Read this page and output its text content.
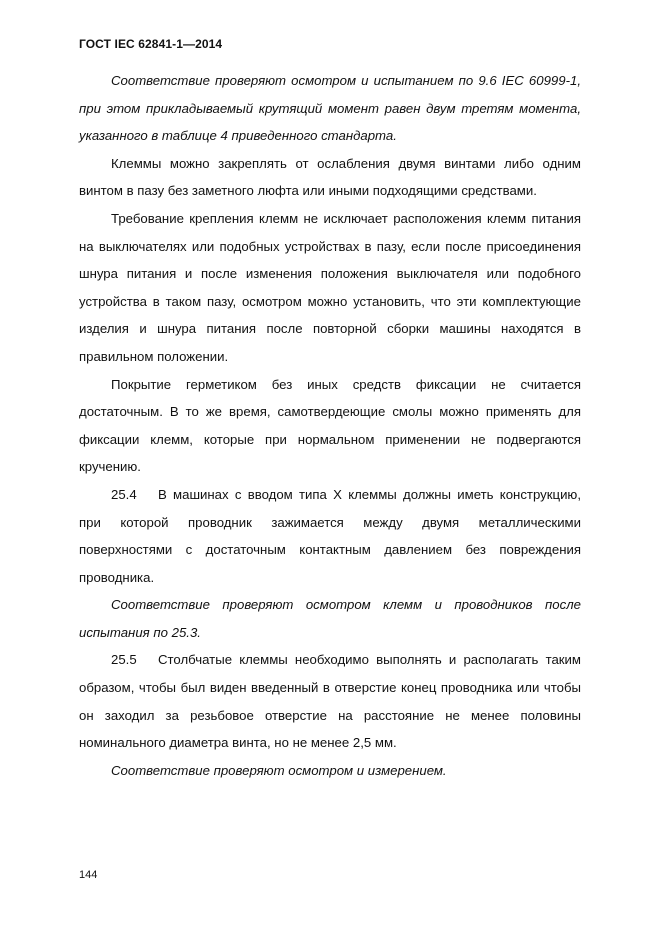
ГОСТ IEC 62841-1—2014

Соответствие проверяют осмотром и испытанием по 9.6 IEC 60999-1, при этом прикладываемый крутящий момент равен двум третям момента, указанного в таблице 4 приведенного стандарта.

Клеммы можно закреплять от ослабления двумя винтами либо одним винтом в пазу без заметного люфта или иными подходящими средствами.

Требование крепления клемм не исключает расположения клемм питания на выключателях или подобных устройствах в пазу, если после присоединения шнура питания и после изменения положения выключателя или подобного устройства в таком пазу, осмотром можно установить, что эти комплектующие изделия и шнура питания после повторной сборки машины находятся в правильном положении.

Покрытие герметиком без иных средств фиксации не считается достаточным. В то же время, самотвердеющие смолы можно применять для фиксации клемм, которые при нормальном применении не подвергаются кручению.

25.4 В машинах с вводом типа X клеммы должны иметь конструкцию, при которой проводник зажимается между двумя металлическими поверхностями с достаточным контактным давлением без повреждения проводника.

Соответствие проверяют осмотром клемм и проводников после испытания по 25.3.

25.5 Столбчатые клеммы необходимо выполнять и располагать таким образом, чтобы был виден введенный в отверстие конец проводника или чтобы он заходил за резьбовое отверстие на расстояние не менее половины номинального диаметра винта, но не менее 2,5 мм.

Соответствие проверяют осмотром и измерением.

144
